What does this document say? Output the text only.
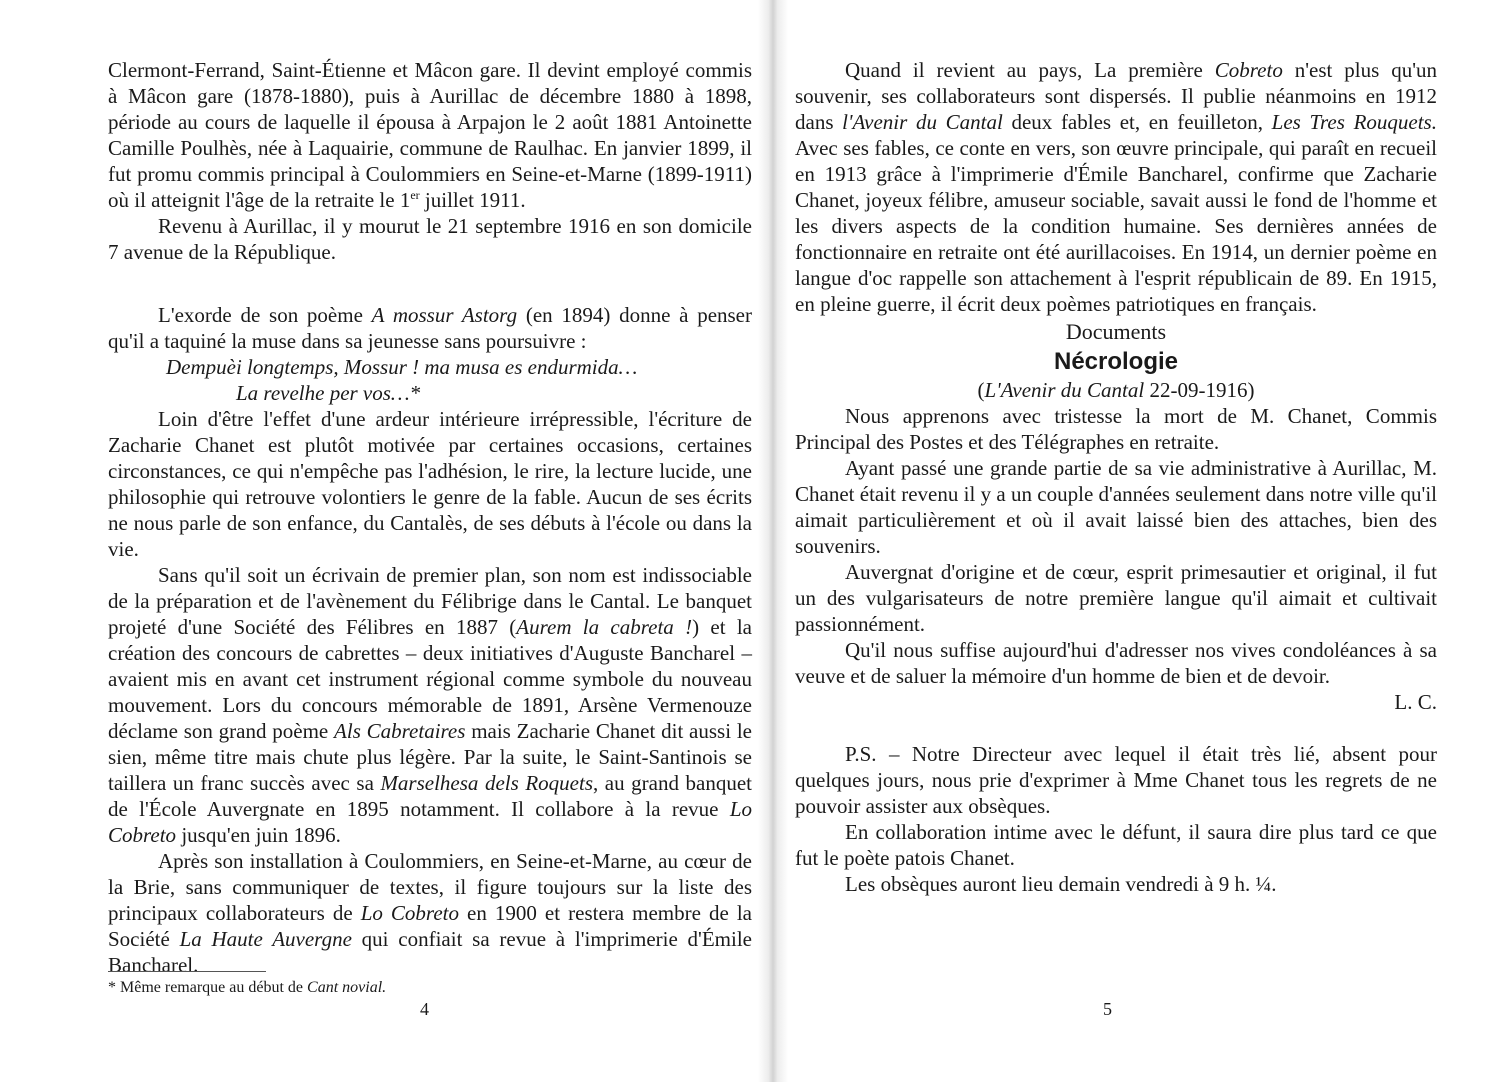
Clermont-Ferrand, Saint-Étienne et Mâcon gare. Il devint employé commis à Mâcon gare (1878-1880), puis à Aurillac de décembre 1880 à 1898, période au cours de laquelle il épousa à Arpajon le 2 août 1881 Antoinette Camille Poulhès, née à Laquairie, commune de Raulhac. En janvier 1899, il fut promu commis principal à Coulommiers en Seine-et-Marne (1899-1911) où il atteignit l'âge de la retraite le 1er juillet 1911.

Revenu à Aurillac, il y mourut le 21 septembre 1916 en son domicile 7 avenue de la République.

L'exorde de son poème A mossur Astorg (en 1894) donne à penser qu'il a taquiné la muse dans sa jeunesse sans poursuivre :

Dempuèi longtemps, Mossur ! ma musa es endurmida…

La revelhe per vos…*

Loin d'être l'effet d'une ardeur intérieure irrépressible, l'écriture de Zacharie Chanet est plutôt motivée par certaines occasions, certaines circonstances, ce qui n'empêche pas l'adhésion, le rire, la lecture lucide, une philosophie qui retrouve volontiers le genre de la fable. Aucun de ses écrits ne nous parle de son enfance, du Cantalès, de ses débuts à l'école ou dans la vie.

Sans qu'il soit un écrivain de premier plan, son nom est indissociable de la préparation et de l'avènement du Félibrige dans le Cantal. Le banquet projeté d'une Société des Félibres en 1887 (Aurem la cabreta !) et la création des concours de cabrettes – deux initiatives d'Auguste Bancharel – avaient mis en avant cet instrument régional comme symbole du nouveau mouvement. Lors du concours mémorable de 1891, Arsène Vermenouze déclame son grand poème Als Cabretaires mais Zacharie Chanet dit aussi le sien, même titre mais chute plus légère. Par la suite, le Saint-Santinois se taillera un franc succès avec sa Marselhesa dels Roquets, au grand banquet de l'École Auvergnate en 1895 notamment. Il collabore à la revue Lo Cobreto jusqu'en juin 1896.

Après son installation à Coulommiers, en Seine-et-Marne, au cœur de la Brie, sans communiquer de textes, il figure toujours sur la liste des principaux collaborateurs de Lo Cobreto en 1900 et restera membre de la Société La Haute Auvergne qui confiait sa revue à l'imprimerie d'Émile Bancharel.

* Même remarque au début de Cant novial.
4

Quand il revient au pays, La première Cobreto n'est plus qu'un souvenir, ses collaborateurs sont dispersés. Il publie néanmoins en 1912 dans l'Avenir du Cantal deux fables et, en feuilleton, Les Tres Rouquets. Avec ses fables, ce conte en vers, son œuvre principale, qui paraît en recueil en 1913 grâce à l'imprimerie d'Émile Bancharel, confirme que Zacharie Chanet, joyeux félibre, amuseur sociable, savait aussi le fond de l'homme et les divers aspects de la condition humaine. Ses dernières années de fonctionnaire en retraite ont été aurillacoises. En 1914, un dernier poème en langue d'oc rappelle son attachement à l'esprit républicain de 89. En 1915, en pleine guerre, il écrit deux poèmes patriotiques en français.

Documents

Nécrologie

(L'Avenir du Cantal 22-09-1916)

Nous apprenons avec tristesse la mort de M. Chanet, Commis Principal des Postes et des Télégraphes en retraite.

Ayant passé une grande partie de sa vie administrative à Aurillac, M. Chanet était revenu il y a un couple d'années seulement dans notre ville qu'il aimait particulièrement et où il avait laissé bien des attaches, bien des souvenirs.

Auvergnat d'origine et de cœur, esprit primesautier et original, il fut un des vulgarisateurs de notre première langue qu'il aimait et cultivait passionnément.

Qu'il nous suffise aujourd'hui d'adresser nos vives condoléances à sa veuve et de saluer la mémoire d'un homme de bien et de devoir.

L. C.

P.S. – Notre Directeur avec lequel il était très lié, absent pour quelques jours, nous prie d'exprimer à Mme Chanet tous les regrets de ne pouvoir assister aux obsèques.

En collaboration intime avec le défunt, il saura dire plus tard ce que fut le poète patois Chanet.

Les obsèques auront lieu demain vendredi à 9 h. ¼.

5
